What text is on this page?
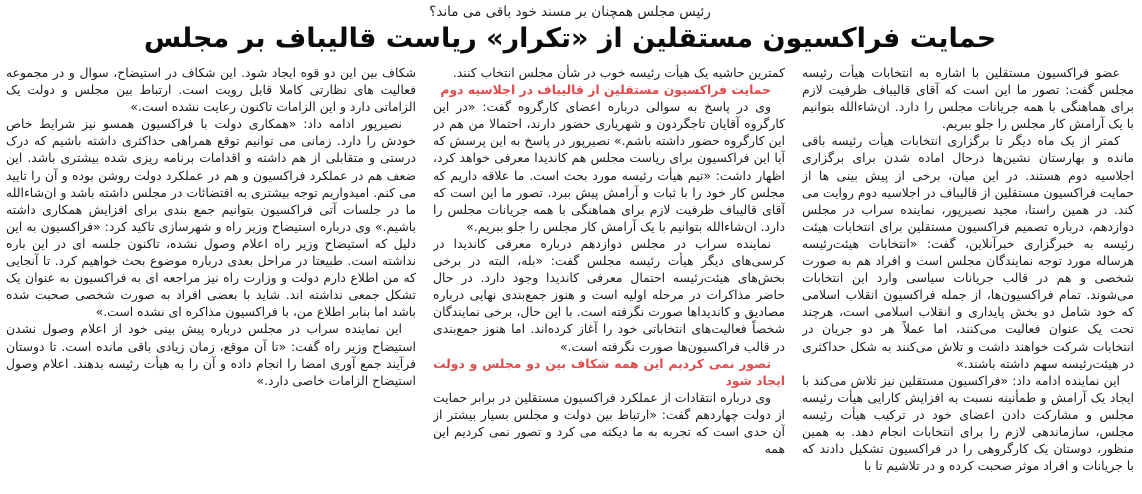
رئیس مجلس همچنان بر مسند خود باقی می ماند؟
حمایت فراکسیون مستقلین از «تکرار» ریاست قالیباف بر مجلس

عضو فراکسیون مستقلین با اشاره به انتخابات هیأت رئیسه مجلس گفت: تصور ما این است که آقای قالیباف ظرفیت لازم برای هماهنگی با همه جریانات مجلس را دارد. ان‌شاءالله بتوانیم با یک آرامش کار مجلس را جلو ببریم.

کمتر از یک ماه دیگر تا برگزاری انتخابات هیأت رئیسه باقی مانده و بهارستان نشین‌ها درحال اماده شدن برای برگزاری اجلاسیه دوم هستند. در این میان، برخی از پیش بینی ها از حمایت فراکسیون مستقلین از قالیباف در اجلاسیه دوم روایت می کند. در همین راستا، مجید نصیرپور، نماینده سراب در مجلس دوازدهم، درباره تصمیم فراکسیون مستقلین برای انتخابات هیئت رئیسه به خبرگزاری خبرآنلاین، گفت: «انتخابات هیئت‌رئیسه هرساله مورد توجه نمایندگان مجلس است و افراد هم به صورت شخصی و هم در قالب جریانات سیاسی وارد این انتخابات می‌شوند. تمام فراکسیون‌ها، از جمله فراکسیون انقلاب اسلامی که خود شامل دو بخش پایداری و انقلاب اسلامی است، هرچند تحت یک عنوان فعالیت می‌کنند، اما عملاً هر دو جریان در انتخابات شرکت خواهند داشت و تلاش می‌کنند به شکل حداکثری در هیئت‌رئیسه سهم داشته باشند.»

این نماینده ادامه داد: «فراکسیون مستقلین نیز تلاش می‌کند با ایجاد یک آرامش و طمأنینه نسبت به افزایش کارایی هیأت رئیسه مجلس و مشارکت دادن اعضای خود در ترکیب هیأت رئیسه مجلس، سازماندهی لازم را برای انتخابات انجام دهد. به همین منظور، دوستان یک کارگروهی را در فراکسیون تشکیل دادند که با جریانات و افراد موثر صحبت کرده و در تلاشیم تا با

کمترین حاشیه یک هیأت رئیسه خوب در شأن مجلس انتخاب کنند.

حمایت فراکسیون مستقلین از قالیباف در اجلاسیه دوم

وی در پاسخ به سوالی درباره اعضای کارگروه گفت: «در این کارگروه آقایان تاجگردون و شهریاری حضور دارند، احتمالا من هم در این کارگروه حضور داشته باشم.» نصیرپور در پاسخ به این پرسش که آیا این فراکسیون برای ریاست مجلس هم کاندیدا معرفی خواهد کرد، اظهار داشت: «تیم هیأت رئیسه مورد بحث است. ما علاقه داریم که مجلس کار خود را با ثبات و آرامش پیش ببرد. تصور ما این است که آقای قالیباف ظرفیت لازم برای هماهنگی با همه جریانات مجلس را دارد. ان‌شاءالله بتوانیم با یک آرامش کار مجلس را جلو ببریم.»

نماینده سراب در مجلس دوازدهم درباره معرفی کاندیدا در کرسی‌های دیگر هیأت رئیسه مجلس گفت: «بله، البته در برخی بخش‌های هیئت‌رئیسه احتمال معرفی کاندیدا وجود دارد. در حال حاضر مذاکرات در مرحله اولیه است و هنوز جمع‌بندی نهایی درباره مصادیق و کاندیداها صورت نگرفته است. با این حال، برخی نمایندگان شخصاً فعالیت‌های انتخاباتی خود را آغاز کرده‌اند. اما هنوز جمع‌بندی در قالب فراکسیون‌ها صورت نگرفته است.»

تصور نمی کردیم این همه شکاف بین دو مجلس و دولت ایجاد شود

وی درباره انتقادات از عملکرد فراکسیون مستقلین در برابر حمایت از دولت چهاردهم گفت: «ارتباط بین دولت و مجلس بسیار بیشتر از آن حدی است که تجربه به ما دیکته می کرد و تصور نمی کردیم این همه

شکاف بین این دو قوه ایجاد شود. این شکاف در استیضاح، سوال و در مجموعه فعالیت های نظارتی کاملا قابل رویت است. ارتباط بین مجلس و دولت یک الزاماتی دارد و این الزامات تاکنون رعایت نشده است.»

نصیرپور ادامه داد: «همکاری دولت با فراکسیون همسو نیز شرایط خاص خودش را دارد. زمانی می توانیم توقع همراهی حداکثری داشته باشیم که درک درستی و متقابلی از هم داشته و اقدامات برنامه ریزی شده بیشتری باشد. این ضعف هم در عملکرد فراکسیون و هم در عملکرد دولت روشن بوده و آن را تایید می کنم. امیدواریم توجه بیشتری به اقتضائات در مجلس داشته باشد و ان‌شاءالله ما در جلسات آتی فراکسیون بتوانیم جمع بندی برای افزایش همکاری داشته باشیم.» وی درباره استیضاح وزیر راه و شهرسازی تاکید کرد: «فراکسیون به این دلیل که استیضاح وزیر راه اعلام وصول نشده، تاکنون جلسه ای در این باره نداشته است. طبیعتا در مراحل بعدی درباره موضوع بحث خواهیم کرد. تا آنجایی که من اطلاع دارم دولت و وزارت راه نیز مراجعه ای به فراکسیون به عنوان یک تشکل جمعی نداشته اند. شاید با بعضی افراد به صورت شخصی صحبت شده باشد اما بنابر اطلاع من، با فراکسیون مذاکره ای نشده است.»

این نماینده سراب در مجلس درباره پیش بینی خود از اعلام وصول نشدن استیضاح وزیر راه گفت: «تا آن موقع، زمان زیادی باقی مانده است. تا دوستان فرآیند جمع آوری امضا را انجام داده و آن را به هیأت رئیسه بدهند. اعلام وصول استیضاح الزامات خاصی دارد.»
